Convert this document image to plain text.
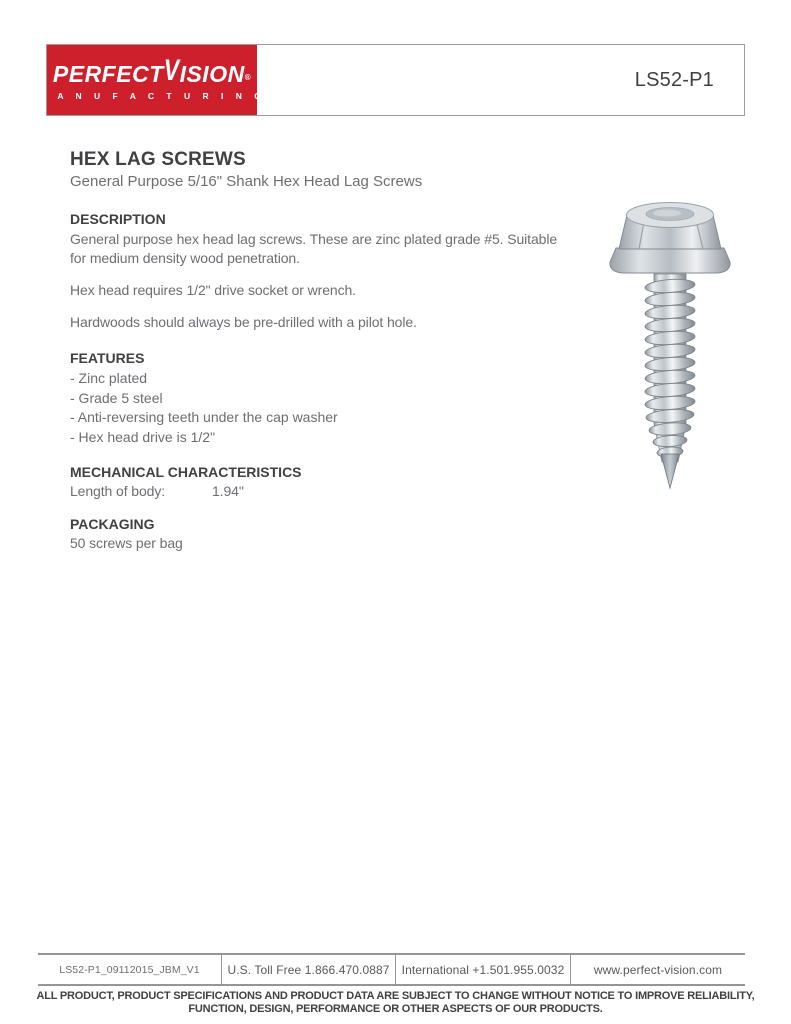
PERFECTVISION®
M A N U F A C T U R I N G
LS52-P1
HEX LAG SCREWS
General Purpose 5/16" Shank Hex Head Lag Screws
DESCRIPTION
General purpose hex head lag screws. These are zinc plated grade #5. Suitable for medium density wood penetration.
Hex head requires 1/2" drive socket or wrench.
Hardwoods should always be pre-drilled with a pilot hole.
FEATURES
- Zinc plated
- Grade 5 steel
- Anti-reversing teeth under the cap washer
- Hex head drive is 1/2"
MECHANICAL CHARACTERISTICS
Length of body:	1.94"
PACKAGING
50 screws per bag
LS52-P1_09112015_JBM_V1	U.S. Toll Free 1.866.470.0887	International +1.501.955.0032	www.perfect-vision.com
ALL PRODUCT, PRODUCT SPECIFICATIONS AND PRODUCT DATA ARE SUBJECT TO CHANGE WITHOUT NOTICE TO IMPROVE RELIABILITY, FUNCTION, DESIGN, PERFORMANCE OR OTHER ASPECTS OF OUR PRODUCTS.
